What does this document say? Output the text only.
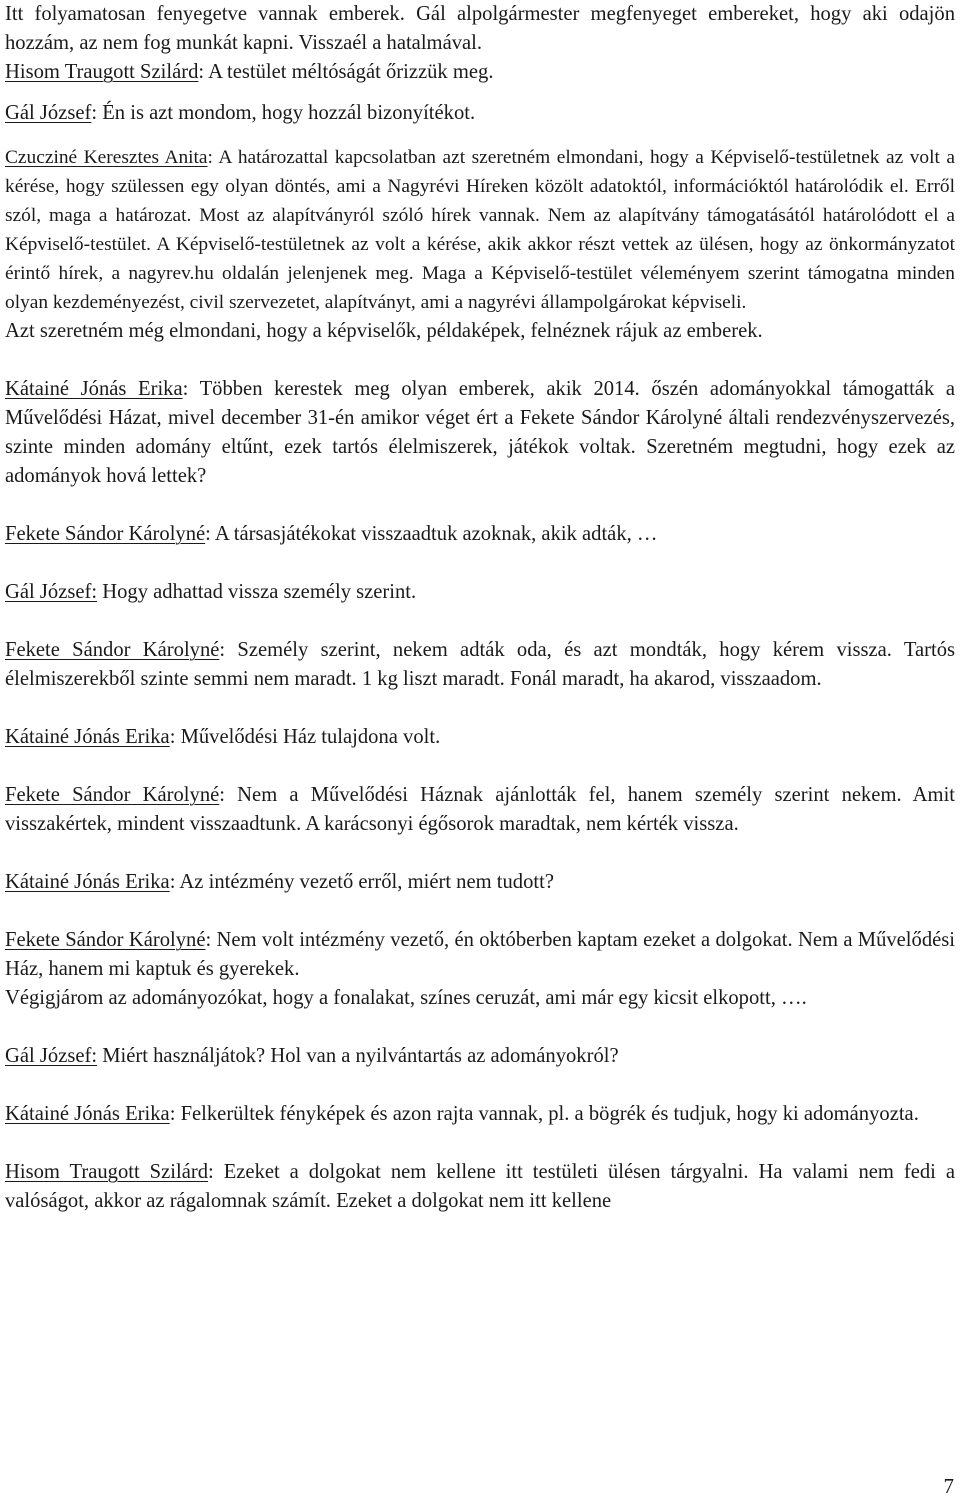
Itt folyamatosan fenyegetve vannak emberek. Gál alpolgármester megfenyeget embereket, hogy aki odajön hozzám, az nem fog munkát kapni. Visszaél a hatalmával.

Hisom Traugott Szilárd: A testület méltóságát őrizzük meg.

Gál József: Én is azt mondom, hogy hozzál bizonyítékot.

Czucziné Keresztes Anita: A határozattal kapcsolatban azt szeretném elmondani, hogy a Képviselő-testületnek az volt a kérése, hogy szülessen egy olyan döntés, ami a Nagyrévi Híreken közölt adatoktól, információktól határolódik el. Erről szól, maga a határozat. Most az alapítványról szóló hírek vannak. Nem az alapítvány támogatásától határolódott el a Képviselő-testület. A Képviselő-testületnek az volt a kérése, akik akkor részt vettek az ülésen, hogy az önkormányzatot érintő hírek, a nagyrev.hu oldalán jelenjenek meg. Maga a Képviselő-testület véleményem szerint támogatna minden olyan kezdeményezést, civil szervezetet, alapítványt, ami a nagyrévi állampolgárokat képviseli.

Azt szeretném még elmondani, hogy a képviselők, példaképek, felnéznek rájuk az emberek.

Kátainé Jónás Erika: Többen kerestek meg olyan emberek, akik 2014. őszén adományokkal támogatták a Művelődési Házat, mivel december 31-én amikor véget ért a Fekete Sándor Károlyné általi rendezvényszervezés, szinte minden adomány eltűnt, ezek tartós élelmiszerek, játékok voltak. Szeretném megtudni, hogy ezek az adományok hová lettek?

Fekete Sándor Károlyné: A társasjátékokat visszaadtuk azoknak, akik adták, …

Gál József: Hogy adhattad vissza személy szerint.

Fekete Sándor Károlyné: Személy szerint, nekem adták oda, és azt mondták, hogy kérem vissza. Tartós élelmiszerekből szinte semmi nem maradt. 1 kg liszt maradt. Fonál maradt, ha akarod, visszaadom.

Kátainé Jónás Erika: Művelődési Ház tulajdona volt.

Fekete Sándor Károlyné: Nem a Művelődési Háznak ajánlották fel, hanem személy szerint nekem. Amit visszakértek, mindent visszaadtunk. A karácsonyi égősorok maradtak, nem kérték vissza.

Kátainé Jónás Erika: Az intézmény vezető erről, miért nem tudott?

Fekete Sándor Károlyné: Nem volt intézmény vezető, én októberben kaptam ezeket a dolgokat. Nem a Művelődési Ház, hanem mi kaptuk és gyerekek.

Végigjárom az adományozókat, hogy a fonalakat, színes ceruzát, ami már egy kicsit elkopott, ….

Gál József: Miért használjátok? Hol van a nyilvántartás az adományokról?

Kátainé Jónás Erika: Felkerültek fényképek és azon rajta vannak, pl. a bögrék és tudjuk, hogy ki adományozta.

Hisom Traugott Szilárd: Ezeket a dolgokat nem kellene itt testületi ülésen tárgyalni. Ha valami nem fedi a valóságot, akkor az rágalomnak számít. Ezeket a dolgokat nem itt kellene

7
